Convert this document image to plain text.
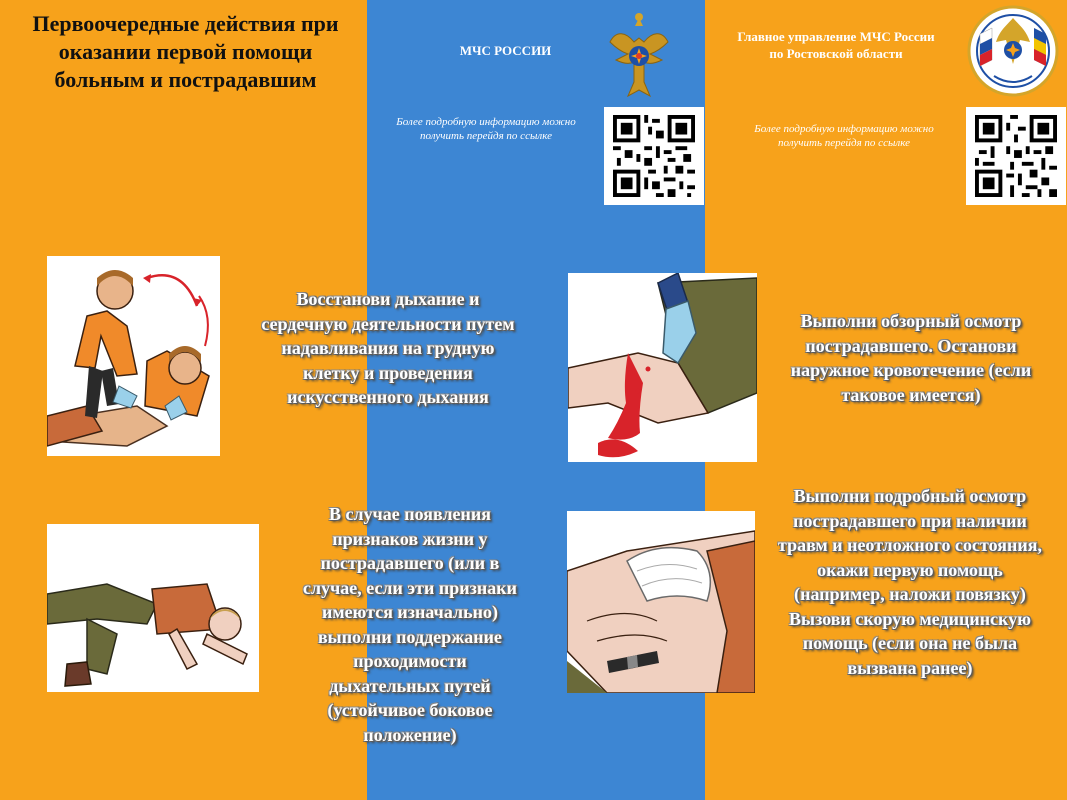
Первоочередные действия при оказании первой помощи больным и пострадавшим
МЧС РОССИИ
Более подробную информацию можно получить перейдя по ссылке
Главное управление МЧС России по Ростовской области
Более подробную информацию можно получить перейдя по ссылке
Восстанови дыхание и сердечную деятельности путем надавливания на грудную клетку и проведения искусственного дыхания
Выполни обзорный осмотр пострадавшего. Останови наружное кровотечение (если таковое имеется)
В случае появления признаков жизни у пострадавшего (или в случае, если эти признаки имеются изначально) выполни поддержание проходимости дыхательных путей (устойчивое боковое положение)
Выполни подробный осмотр пострадавшего при наличии травм и неотложного состояния, окажи первую помощь (например, наложи повязку)
Вызови скорую медицинскую помощь (если она не была вызвана ранее)
